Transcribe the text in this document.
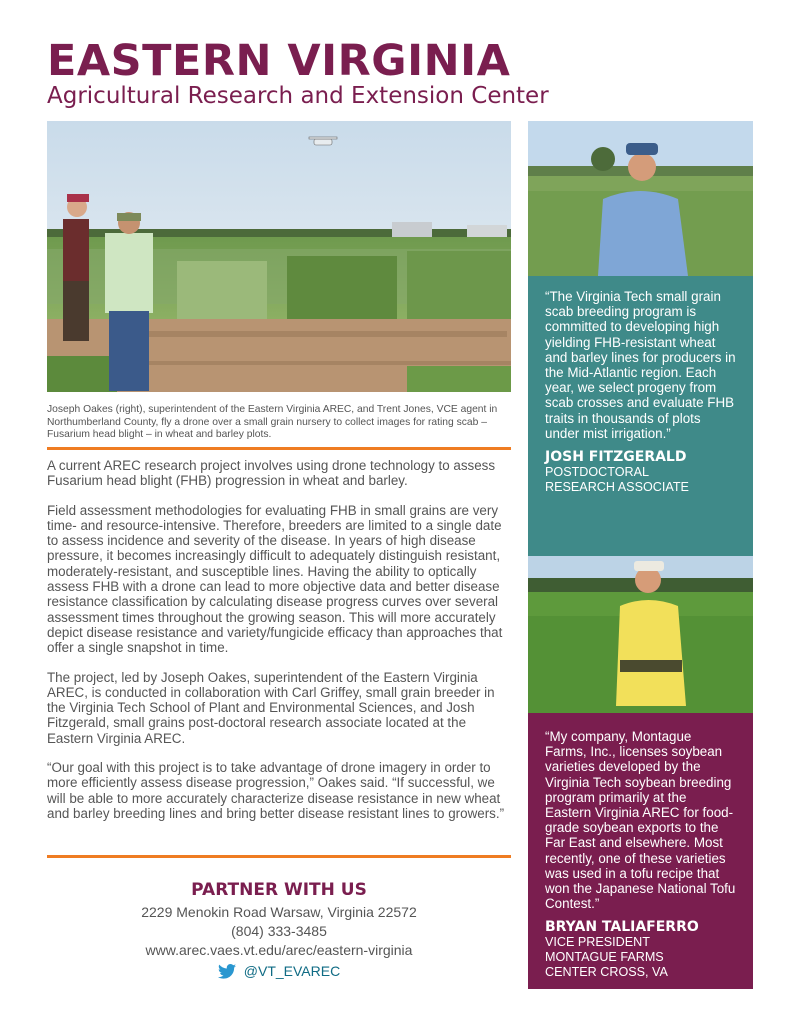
EASTERN VIRGINIA
Agricultural Research and Extension Center
Joseph Oakes (right), superintendent of the Eastern Virginia AREC, and Trent Jones, VCE agent in Northumberland County, fly a drone over a small grain nursery to collect images for rating scab – Fusarium head blight – in wheat and barley plots.

A current AREC research project involves using drone technology to assess Fusarium head blight (FHB) progression in wheat and barley.

Field assessment methodologies for evaluating FHB in small grains are very time- and resource-intensive. Therefore, breeders are limited to a single date to assess incidence and severity of the disease. In years of high disease pressure, it becomes increasingly difficult to adequately distinguish resistant, moderately-resistant, and susceptible lines. Having the ability to optically assess FHB with a drone can lead to more objective data and better disease resistance classification by calculating disease progress curves over several assessment times throughout the growing season. This will more accurately depict disease resistance and variety/fungicide efficacy than approaches that offer a single snapshot in time.

The project, led by Joseph Oakes, superintendent of the Eastern Virginia AREC, is conducted in collaboration with Carl Griffey, small grain breeder in the Virginia Tech School of Plant and Environmental Sciences, and Josh Fitzgerald, small grains post-doctoral research associate located at the Eastern Virginia AREC.

“Our goal with this project is to take advantage of drone imagery in order to more efficiently assess disease progression,” Oakes said. “If successful, we will be able to more accurately characterize disease resistance in new wheat and barley breeding lines and bring better disease resistant lines to growers.”

PARTNER WITH US
2229 Menokin Road Warsaw, Virginia 22572
(804) 333-3485
www.arec.vaes.vt.edu/arec/eastern-virginia
@VT_EVAREC
“The Virginia Tech small grain scab breeding program is committed to developing high yielding FHB-resistant wheat and barley lines for producers in the Mid-Atlantic region. Each year, we select progeny from scab crosses and evaluate FHB traits in thousands of plots under mist irrigation.”
JOSH FITZGERALD
POSTDOCTORAL
RESEARCH ASSOCIATE
“My company, Montague Farms, Inc., licenses soybean varieties developed by the Virginia Tech soybean breeding program primarily at the Eastern Virginia AREC for food-grade soybean exports to the Far East and elsewhere. Most recently, one of these varieties was used in a tofu recipe that won the Japanese National Tofu Contest.”
BRYAN TALIAFERRO
VICE PRESIDENT
MONTAGUE FARMS
CENTER CROSS, VA
